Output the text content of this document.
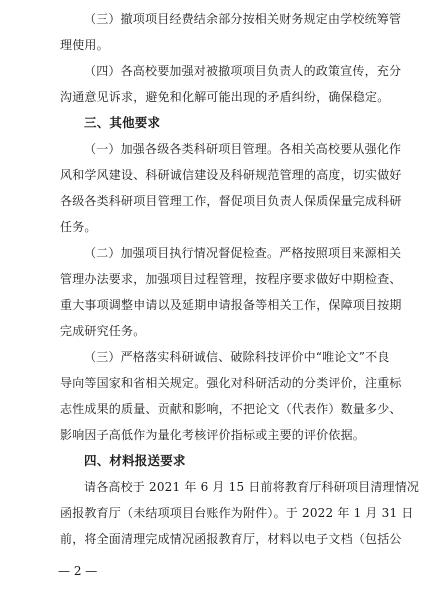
（三）撤项项目经费结余部分按相关财务规定由学校统筹管
理使用。
（四）各高校要加强对被撤项项目负责人的政策宣传，充分
沟通意见诉求，避免和化解可能出现的矛盾纠纷，确保稳定。
三、其他要求
（一）加强各级各类科研项目管理。各相关高校要从强化作
风和学风建设、科研诚信建设及科研规范管理的高度，切实做好
各级各类科研项目管理工作，督促项目负责人保质保量完成科研
任务。
（二）加强项目执行情况督促检查。严格按照项目来源相关
管理办法要求，加强项目过程管理，按程序要求做好中期检查、
重大事项调整申请以及延期申请报备等相关工作，保障项目按期
完成研究任务。
（三）严格落实科研诚信、破除科技评价中“唯论文”不良
导向等国家和省相关规定。强化对科研活动的分类评价，注重标
志性成果的质量、贡献和影响，不把论文（代表作）数量多少、
影响因子高低作为量化考核评价指标或主要的评价依据。
四、材料报送要求
请各高校于 2021 年 6 月 15 日前将教育厅科研项目清理情况
函报教育厅（未结项项目台账作为附件）。于 2022 年 1 月 31 日
前，将全面清理完成情况函报教育厅，材料以电子文档（包括公
— 2 —
